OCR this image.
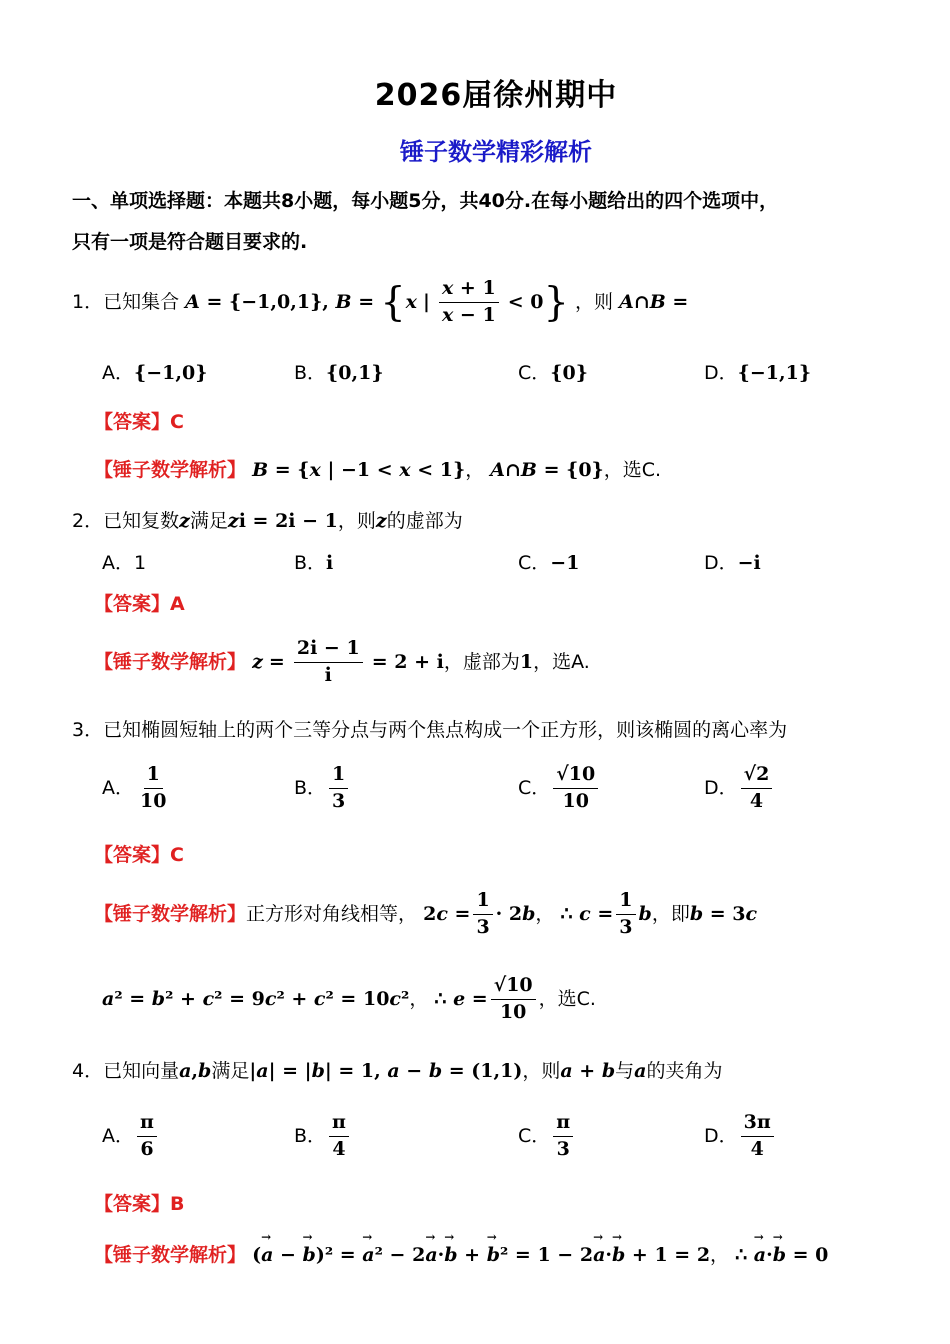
2026届徐州期中
锤子数学精彩解析
一、单项选择题：本题共8小题，每小题5分，共40分.在每小题给出的四个选项中，
只有一项是符合题目要求的.
1．已知集合 A = {−1,0,1}, B = {x | $\frac{x + 1}{x - 1} < 0$} ，则 A∩B =
A．{−1,0}	B．{0,1}	C．{0}	D．{−1,1}
【答案】C
【锤子数学解析】 B = {x | −1 < x < 1}， A∩B = {0}，选C.
2．已知复数z满足zi = 2i − 1，则z的虚部为
A．1	B．i	C．−1	D．−i
【答案】A
【锤子数学解析】 $z = \frac{2i - 1}{i} = 2 + i$，虚部为1，选A.
3．已知椭圆短轴上的两个三等分点与两个焦点构成一个正方形，则该椭圆的离心率为
A． $\frac{1}{10}$	B． $\frac{1}{3}$	C． $\frac{√10}{10}$	D． $\frac{√2}{4}$
【答案】C
【锤子数学解析】正方形对角线相等， $2c = \frac{1}{3} \cdot 2b$， ∴ $c = \frac{1}{3}$ b，即b = 3c
a² = b² + c² = 9c² + c² = 10c²， ∴ $e = \frac{√10}{10}$ ，选C.
4．已知向量a,b满足|a| = |b| = 1, a − b = (1,1)，则a + b与a的夹角为
A． $\frac{\pi}{6}$	B． $\frac{\pi}{4}$	C． $\frac{\pi}{3}$	D． $\frac{3\pi}{4}$
【答案】B
【锤子数学解析】 (→ a − → b)² = → a² − 2→ a·→ b + → b² = 1 − 2→ a·→ b + 1 = 2， ∴ → a·→ b = 0
